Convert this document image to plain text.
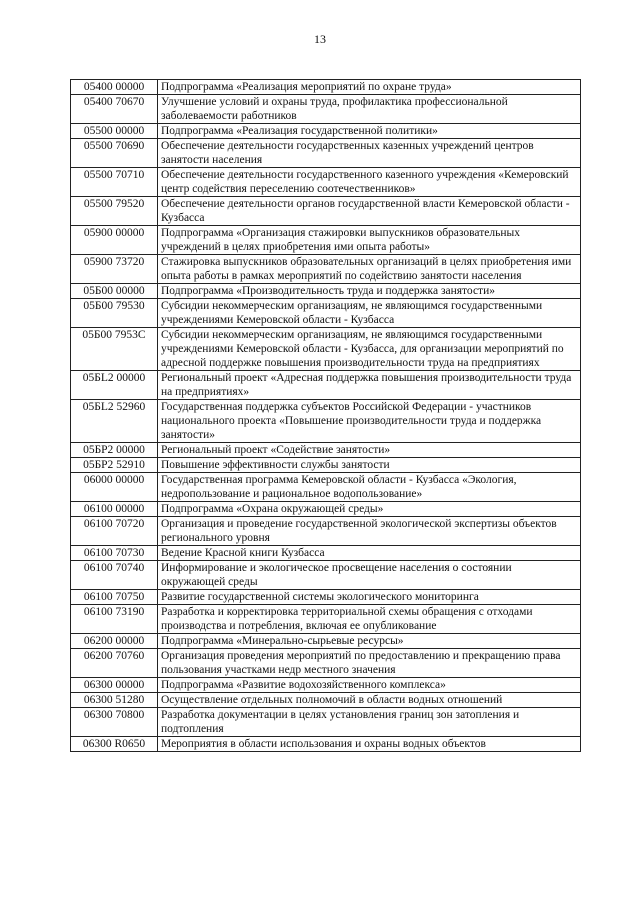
13
05400 00000	Подпрограмма «Реализация мероприятий по охране труда»
05400 70670	Улучшение условий и охраны труда, профилактика профессиональной заболеваемости работников
05500 00000	Подпрограмма «Реализация государственной политики»
05500 70690	Обеспечение деятельности государственных казенных учреждений центров занятости населения
05500 70710	Обеспечение деятельности государственного казенного учреждения «Кемеровский центр содействия переселению соотечественников»
05500 79520	Обеспечение деятельности органов государственной власти Кемеровской области - Кузбасса
05900 00000	Подпрограмма «Организация стажировки выпускников образовательных учреждений в целях приобретения ими опыта работы»
05900 73720	Стажировка выпускников образовательных организаций в целях приобретения ими опыта работы в рамках мероприятий по содействию занятости населения
05Б00 00000	Подпрограмма «Производительность труда и поддержка занятости»
05Б00 79530	Субсидии некоммерческим организациям, не являющимся государственными учреждениями Кемеровской области - Кузбасса
05Б00 7953С	Субсидии некоммерческим организациям, не являющимся государственными учреждениями Кемеровской области - Кузбасса, для организации мероприятий по адресной поддержке повышения производительности труда на предприятиях
05БL2 00000	Региональный проект «Адресная поддержка повышения производительности труда на предприятиях»
05БL2 52960	Государственная поддержка субъектов Российской Федерации - участников национального проекта «Повышение производительности труда и поддержка занятости»
05БР2 00000	Региональный проект «Содействие занятости»
05БР2 52910	Повышение эффективности службы занятости
06000 00000	Государственная программа Кемеровской области - Кузбасса «Экология, недропользование и рациональное водопользование»
06100 00000	Подпрограмма «Охрана окружающей среды»
06100 70720	Организация и проведение государственной экологической экспертизы объектов регионального уровня
06100 70730	Ведение Красной книги Кузбасса
06100 70740	Информирование и экологическое просвещение населения о состоянии окружающей среды
06100 70750	Развитие государственной системы экологического мониторинга
06100 73190	Разработка и корректировка территориальной схемы обращения с отходами производства и потребления, включая ее опубликование
06200 00000	Подпрограмма «Минерально-сырьевые ресурсы»
06200 70760	Организация проведения мероприятий по предоставлению и прекращению права пользования участками недр местного значения
06300 00000	Подпрограмма «Развитие водохозяйственного комплекса»
06300 51280	Осуществление отдельных полномочий в области водных отношений
06300 70800	Разработка документации в целях установления границ зон затопления и подтопления
06300 R0650	Мероприятия в области использования и охраны водных объектов
